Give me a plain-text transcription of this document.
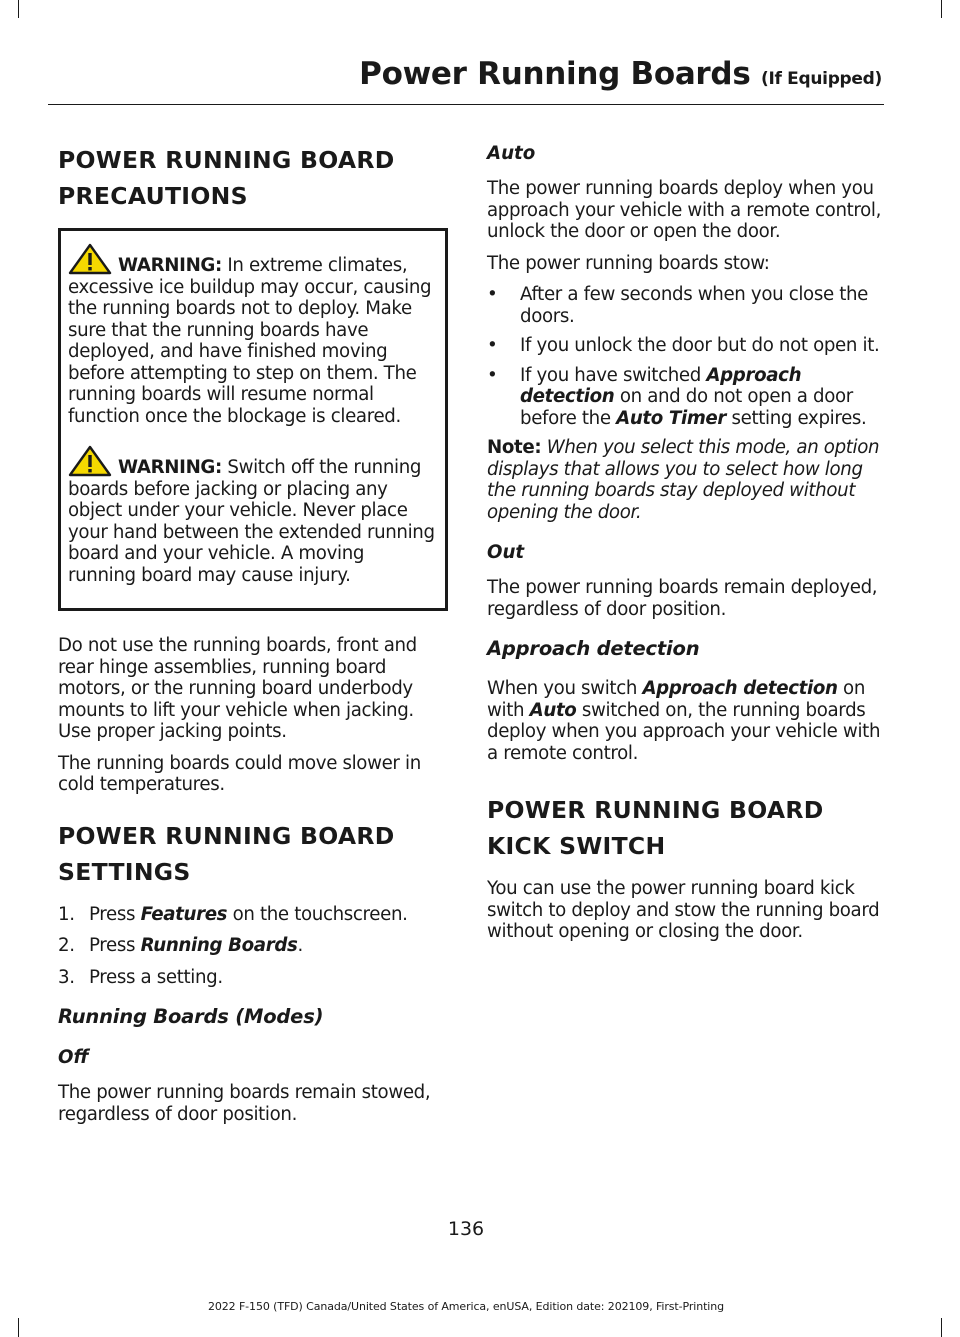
Power Running Boards (If Equipped)
POWER RUNNING BOARD
PRECAUTIONS

WARNING: In extreme climates, excessive ice buildup may occur, causing the running boards not to deploy. Make sure that the running boards have deployed, and have finished moving before attempting to step on them. The running boards will resume normal function once the blockage is cleared.

WARNING: Switch off the running boards before jacking or placing any object under your vehicle. Never place your hand between the extended running board and your vehicle. A moving running board may cause injury.

Do not use the running boards, front and rear hinge assemblies, running board motors, or the running board underbody mounts to lift your vehicle when jacking. Use proper jacking points.

The running boards could move slower in cold temperatures.

POWER RUNNING BOARD
SETTINGS
1. Press Features on the touchscreen.
2. Press Running Boards.
3. Press a setting.
Running Boards (Modes)
Off

The power running boards remain stowed, regardless of door position.

Auto

The power running boards deploy when you approach your vehicle with a remote control, unlock the door or open the door.

The power running boards stow:

•	After a few seconds when you close the doors.
•	If you unlock the door but do not open it.
•	If you have switched Approach detection on and do not open a door before the Auto Timer setting expires.

Note: When you select this mode, an option displays that allows you to select how long the running boards stay deployed without opening the door.

Out

The power running boards remain deployed, regardless of door position.

Approach detection

When you switch Approach detection on with Auto switched on, the running boards deploy when you approach your vehicle with a remote control.

POWER RUNNING BOARD
KICK SWITCH

You can use the power running board kick switch to deploy and stow the running board without opening or closing the door.

136
2022 F-150 (TFD) Canada/United States of America, enUSA, Edition date: 202109, First-Printing
